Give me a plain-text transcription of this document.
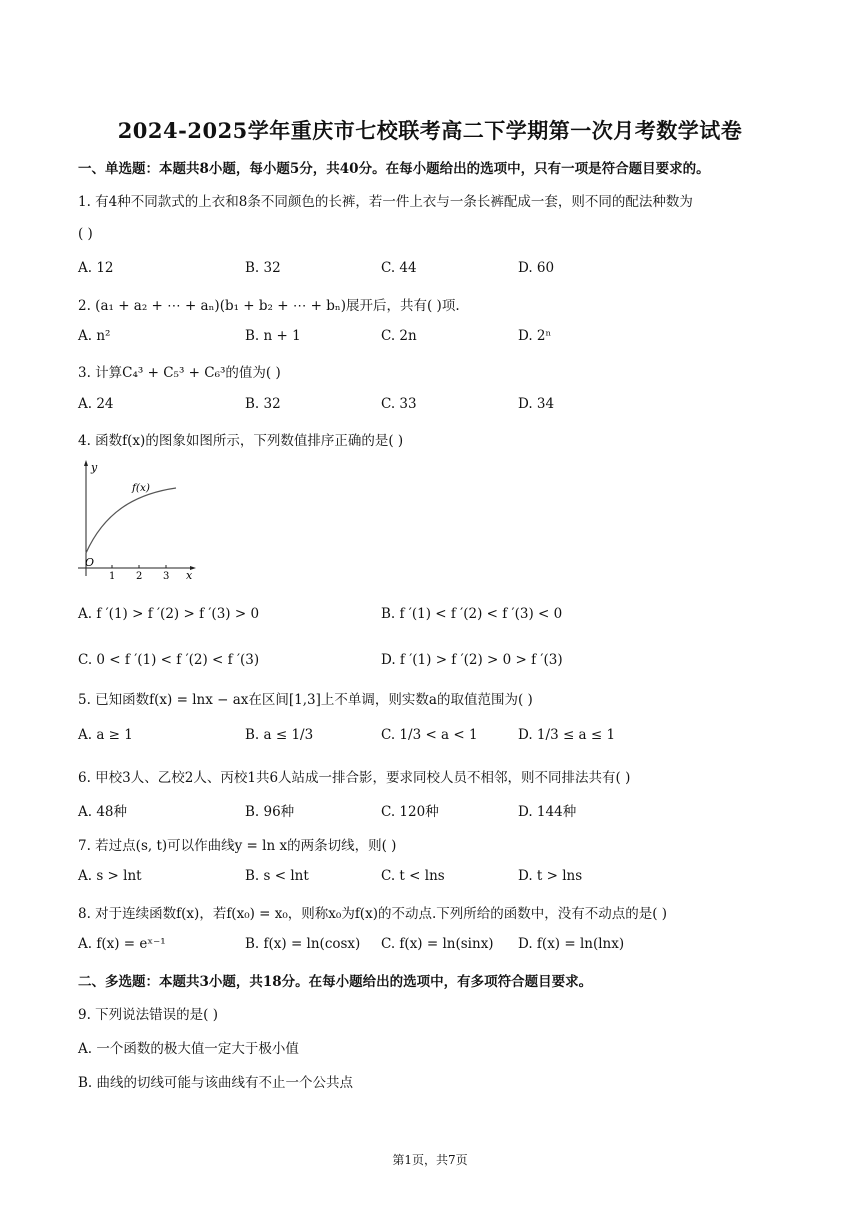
2024-2025学年重庆市七校联考高二下学期第一次月考数学试卷
一、单选题：本题共8小题，每小题5分，共40分。在每小题给出的选项中，只有一项是符合题目要求的。
1. 有4种不同款式的上衣和8条不同颜色的长裤，若一件上衣与一条长裤配成一套，则不同的配法种数为
( )
A. 12	B. 32	C. 44	D. 60
2. (a₁ + a₂ + ⋯ + aₙ)(b₁ + b₂ + ⋯ + bₙ)展开后，共有( )项.
A. n²	B. n + 1	C. 2n	D. 2ⁿ
3. 计算C₄³ + C₅³ + C₆³的值为( )
A. 24	B. 32	C. 33	D. 34
4. 函数f(x)的图象如图所示，下列数值排序正确的是( )
y
x
O
f(x)
1 2 3
A. f ′(1) > f ′(2) > f ′(3) > 0	B. f ′(1) < f ′(2) < f ′(3) < 0
C. 0 < f ′(1) < f ′(2) < f ′(3)	D. f ′(1) > f ′(2) > 0 > f ′(3)
5. 已知函数f(x) = lnx − ax在区间[1,3]上不单调，则实数a的取值范围为( )
A. a ≥ 1	B. a ≤ 1/3	C. 1/3 < a < 1	D. 1/3 ≤ a ≤ 1
6. 甲校3人、乙校2人、丙校1共6人站成一排合影，要求同校人员不相邻，则不同排法共有( )
A. 48种	B. 96种	C. 120种	D. 144种
7. 若过点(s, t)可以作曲线y = ln x的两条切线，则( )
A. s > lnt	B. s < lnt	C. t < lns	D. t > lns
8. 对于连续函数f(x)，若f(x₀) = x₀，则称x₀为f(x)的不动点.下列所给的函数中，没有不动点的是( )
A. f(x) = eˣ⁻¹	B. f(x) = ln(cosx) C. f(x) = ln(sinx) D. f(x) = ln(lnx)
二、多选题：本题共3小题，共18分。在每小题给出的选项中，有多项符合题目要求。
9. 下列说法错误的是( )
A. 一个函数的极大值一定大于极小值
B. 曲线的切线可能与该曲线有不止一个公共点
第1页，共7页
